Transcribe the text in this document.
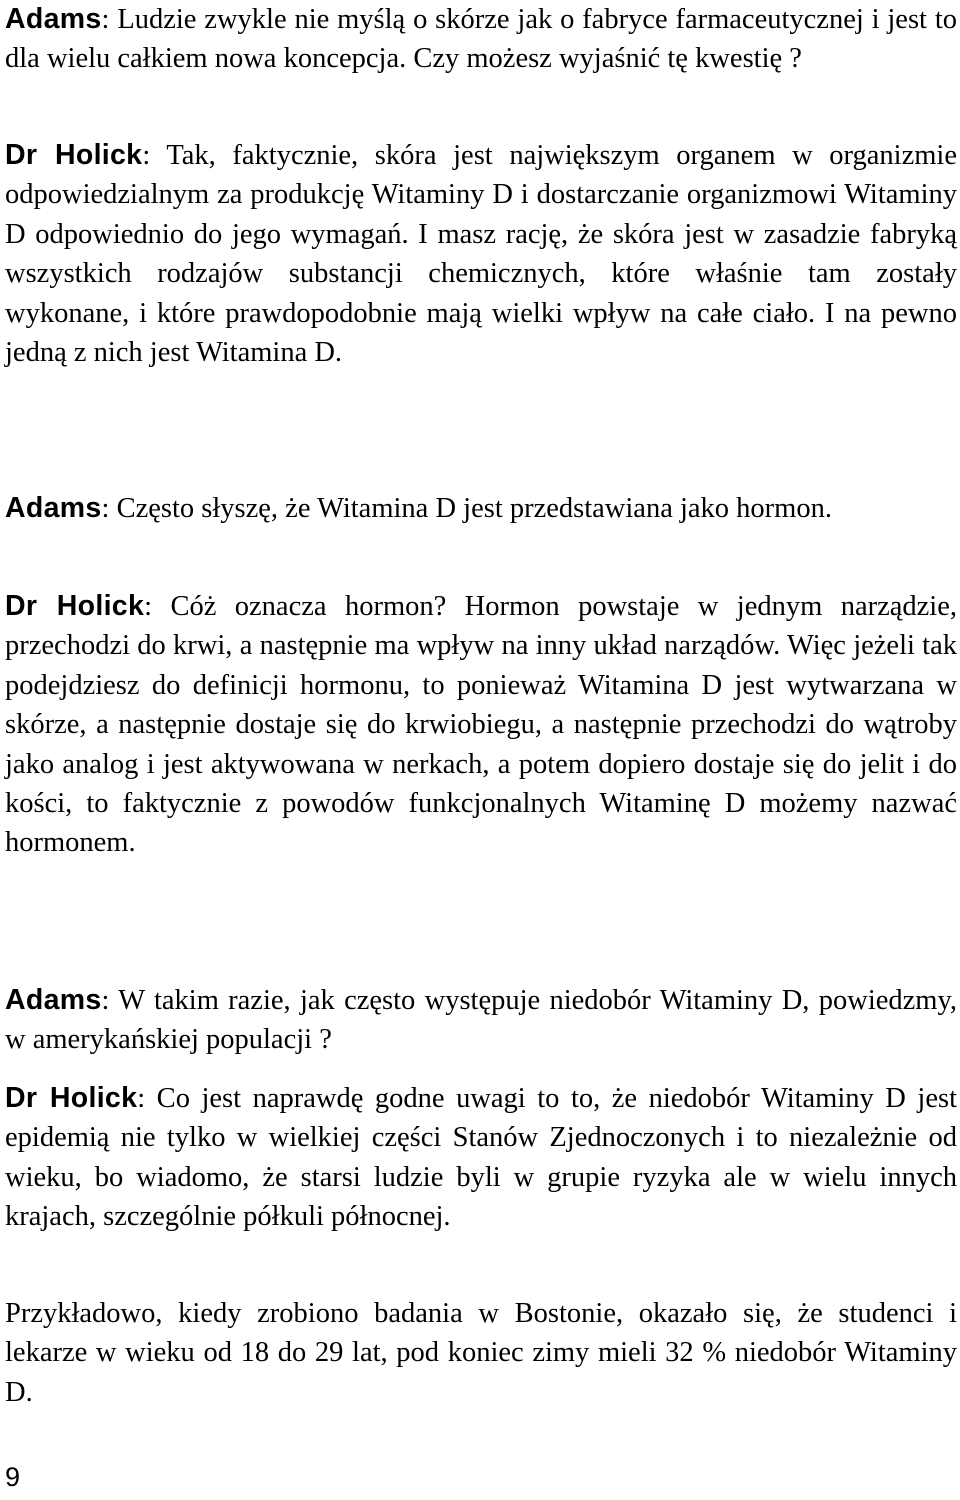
Adams: Ludzie zwykle nie myślą o skórze jak o fabryce farmaceutycznej i jest to dla wielu całkiem nowa koncepcja. Czy możesz wyjaśnić tę kwestię ?

Dr Holick: Tak, faktycznie, skóra jest największym organem w organizmie odpowiedzialnym za produkcję Witaminy D i dostarczanie organizmowi Witaminy D odpowiednio do jego wymagań. I masz rację, że skóra jest w zasadzie fabryką wszystkich rodzajów substancji chemicznych, które właśnie tam zostały wykonane, i które prawdopodobnie mają wielki wpływ na całe ciało. I na pewno jedną z nich jest Witamina D.

Adams: Często słyszę, że Witamina D jest przedstawiana jako hormon.

Dr Holick: Cóż oznacza hormon? Hormon powstaje w jednym narządzie, przechodzi do krwi, a następnie ma wpływ na inny układ narządów. Więc jeżeli tak podejdziesz do definicji hormonu, to ponieważ Witamina D jest wytwarzana w skórze, a następnie dostaje się do krwiobiegu, a następnie przechodzi do wątroby jako analog i jest aktywowana w nerkach, a potem dopiero dostaje się do jelit i do kości, to faktycznie z powodów funkcjonalnych Witaminę D możemy nazwać hormonem.

Adams: W takim razie, jak często występuje niedobór Witaminy D, powiedzmy, w amerykańskiej populacji ?

Dr Holick: Co jest naprawdę godne uwagi to to, że niedobór Witaminy D jest epidemią nie tylko w wielkiej części Stanów Zjednoczonych i to niezależnie od wieku, bo wiadomo, że starsi ludzie byli w grupie ryzyka ale w wielu innych krajach, szczególnie półkuli północnej.

Przykładowo, kiedy zrobiono badania w Bostonie, okazało się, że studenci i lekarze w wieku od 18 do 29 lat, pod koniec zimy mieli 32 % niedobór Witaminy D.

9
